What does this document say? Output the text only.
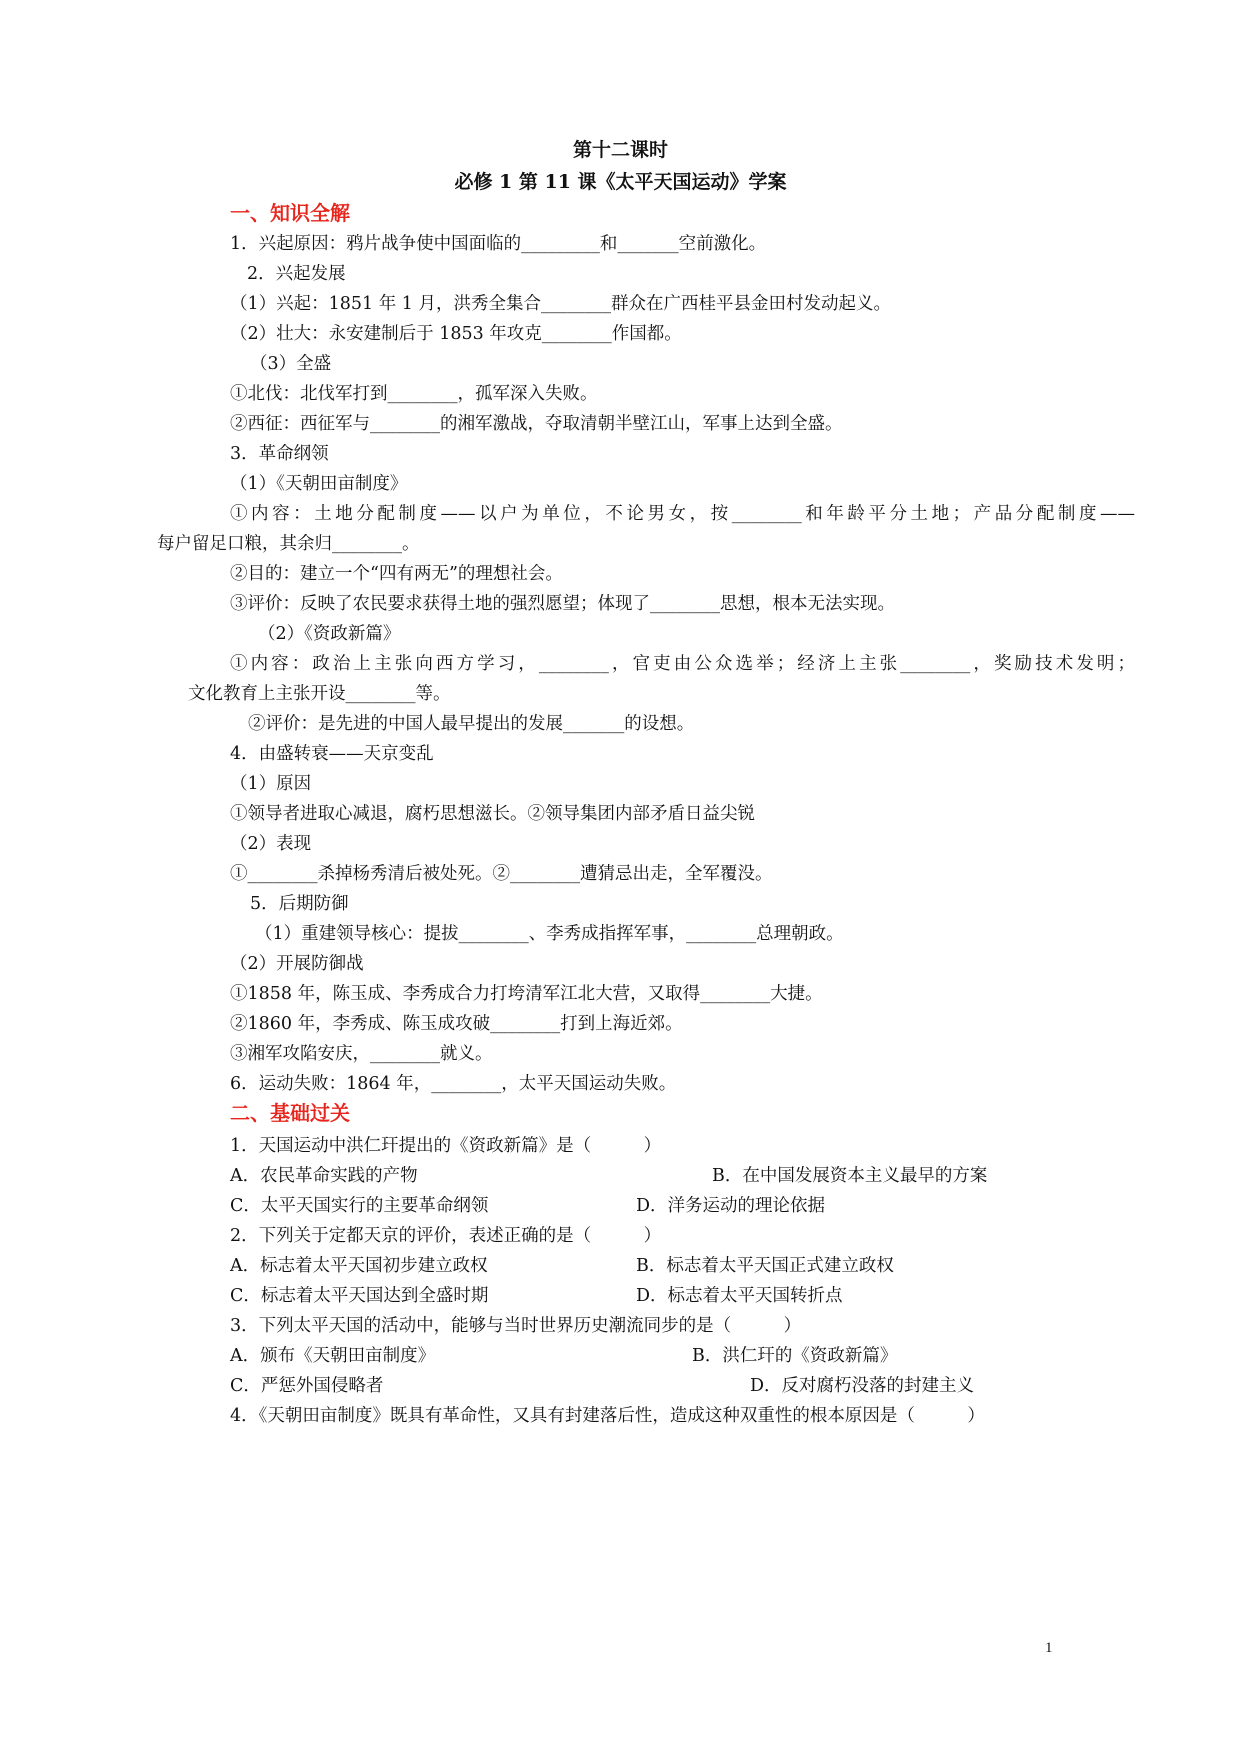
第十二课时
必修 1 第 11 课《太平天国运动》学案
一、知识全解
1．兴起原因：鸦片战争使中国面临的_________和_______空前激化。
2．兴起发展
（1）兴起：1851 年 1 月，洪秀全集合________群众在广西桂平县金田村发动起义。
（2）壮大：永安建制后于 1853 年攻克________作国都。
（3）全盛
①北伐：北伐军打到________，孤军深入失败。
②西征：西征军与________的湘军激战，夺取清朝半壁江山，军事上达到全盛。
3．革命纲领
（1）《天朝田亩制度》
①内容：土地分配制度——以户为单位，不论男女，按________和年龄平分土地；产品分配制度——
每户留足口粮，其余归________。
②目的：建立一个“四有两无”的理想社会。
③评价：反映了农民要求获得土地的强烈愿望；体现了________思想，根本无法实现。
（2）《资政新篇》
①内容：政治上主张向西方学习，________，官吏由公众选举；经济上主张________，奖励技术发明；
文化教育上主张开设________等。
②评价：是先进的中国人最早提出的发展_______的设想。
4．由盛转衰——天京变乱
（1）原因
①领导者进取心减退，腐朽思想滋长。②领导集团内部矛盾日益尖锐
（2）表现
①________杀掉杨秀清后被处死。②________遭猜忌出走，全军覆没。
5．后期防御
（1）重建领导核心：提拔________、李秀成指挥军事，________总理朝政。
（2）开展防御战
①1858 年，陈玉成、李秀成合力打垮清军江北大营，又取得________大捷。
②1860 年，李秀成、陈玉成攻破________打到上海近郊。
③湘军攻陷安庆，________就义。
6．运动失败：1864 年，________，太平天国运动失败。
二、基础过关
1．天国运动中洪仁玕提出的《资政新篇》是（　　　）
A．农民革命实践的产物	B．在中国发展资本主义最早的方案
C．太平天国实行的主要革命纲领	D．洋务运动的理论依据
2．下列关于定都天京的评价，表述正确的是（　　　）
A．标志着太平天国初步建立政权	B．标志着太平天国正式建立政权
C．标志着太平天国达到全盛时期	D．标志着太平天国转折点
3．下列太平天国的活动中，能够与当时世界历史潮流同步的是（　　　）
A．颁布《天朝田亩制度》	B．洪仁玕的《资政新篇》
C．严惩外国侵略者	D．反对腐朽没落的封建主义
4．《天朝田亩制度》既具有革命性，又具有封建落后性，造成这种双重性的根本原因是（　　　）
1
